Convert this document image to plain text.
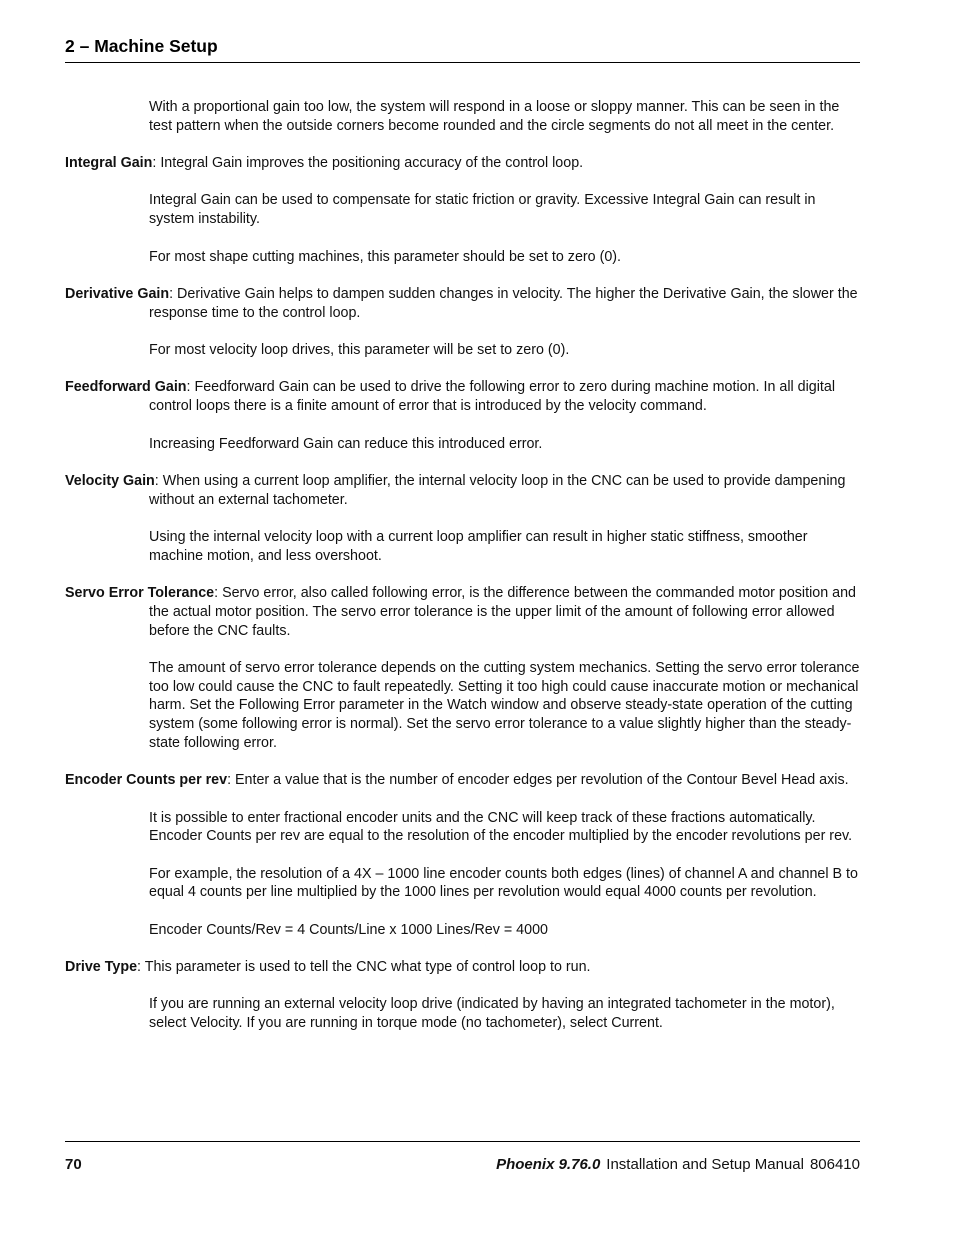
2 – Machine Setup

With a proportional gain too low, the system will respond in a loose or sloppy manner. This can be seen in the test pattern when the outside corners become rounded and the circle segments do not all meet in the center.

Integral Gain: Integral Gain improves the positioning accuracy of the control loop.

Integral Gain can be used to compensate for static friction or gravity. Excessive Integral Gain can result in system instability.

For most shape cutting machines, this parameter should be set to zero (0).

Derivative Gain: Derivative Gain helps to dampen sudden changes in velocity. The higher the Derivative Gain, the slower the response time to the control loop.

For most velocity loop drives, this parameter will be set to zero (0).

Feedforward Gain: Feedforward Gain can be used to drive the following error to zero during machine motion. In all digital control loops there is a finite amount of error that is introduced by the velocity command.

Increasing Feedforward Gain can reduce this introduced error.

Velocity Gain: When using a current loop amplifier, the internal velocity loop in the CNC can be used to provide dampening without an external tachometer.

Using the internal velocity loop with a current loop amplifier can result in higher static stiffness, smoother machine motion, and less overshoot.

Servo Error Tolerance: Servo error, also called following error, is the difference between the commanded motor position and the actual motor position. The servo error tolerance is the upper limit of the amount of following error allowed before the CNC faults.

The amount of servo error tolerance depends on the cutting system mechanics. Setting the servo error tolerance too low could cause the CNC to fault repeatedly. Setting it too high could cause inaccurate motion or mechanical harm. Set the Following Error parameter in the Watch window and observe steady-state operation of the cutting system (some following error is normal). Set the servo error tolerance to a value slightly higher than the steady-state following error.

Encoder Counts per rev: Enter a value that is the number of encoder edges per revolution of the Contour Bevel Head axis.

It is possible to enter fractional encoder units and the CNC will keep track of these fractions automatically. Encoder Counts per rev are equal to the resolution of the encoder multiplied by the encoder revolutions per rev.

For example, the resolution of a 4X – 1000 line encoder counts both edges (lines) of channel A and channel B to equal 4 counts per line multiplied by the 1000 lines per revolution would equal 4000 counts per revolution.

Encoder Counts/Rev = 4 Counts/Line x 1000 Lines/Rev = 4000

Drive Type: This parameter is used to tell the CNC what type of control loop to run.

If you are running an external velocity loop drive (indicated by having an integrated tachometer in the motor), select Velocity. If you are running in torque mode (no tachometer), select Current.

70	Phoenix 9.76.0 Installation and Setup Manual 806410
